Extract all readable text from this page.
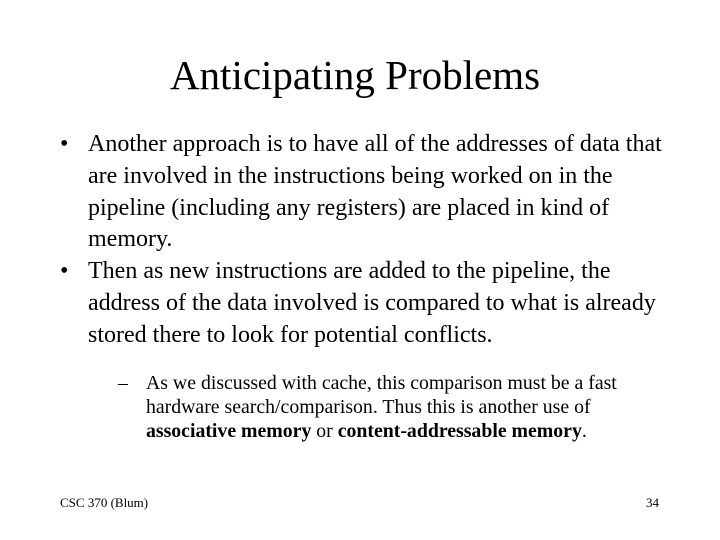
Anticipating Problems
• Another approach is to have all of the addresses of data that are involved in the instructions being worked on in the pipeline (including any registers) are placed in kind of memory.
• Then as new instructions are added to the pipeline, the address of the data involved is compared to what is already stored there to look for potential conflicts.
– As we discussed with cache, this comparison must be a fast hardware search/comparison. Thus this is another use of associative memory or content-addressable memory.
CSC 370 (Blum)	34
